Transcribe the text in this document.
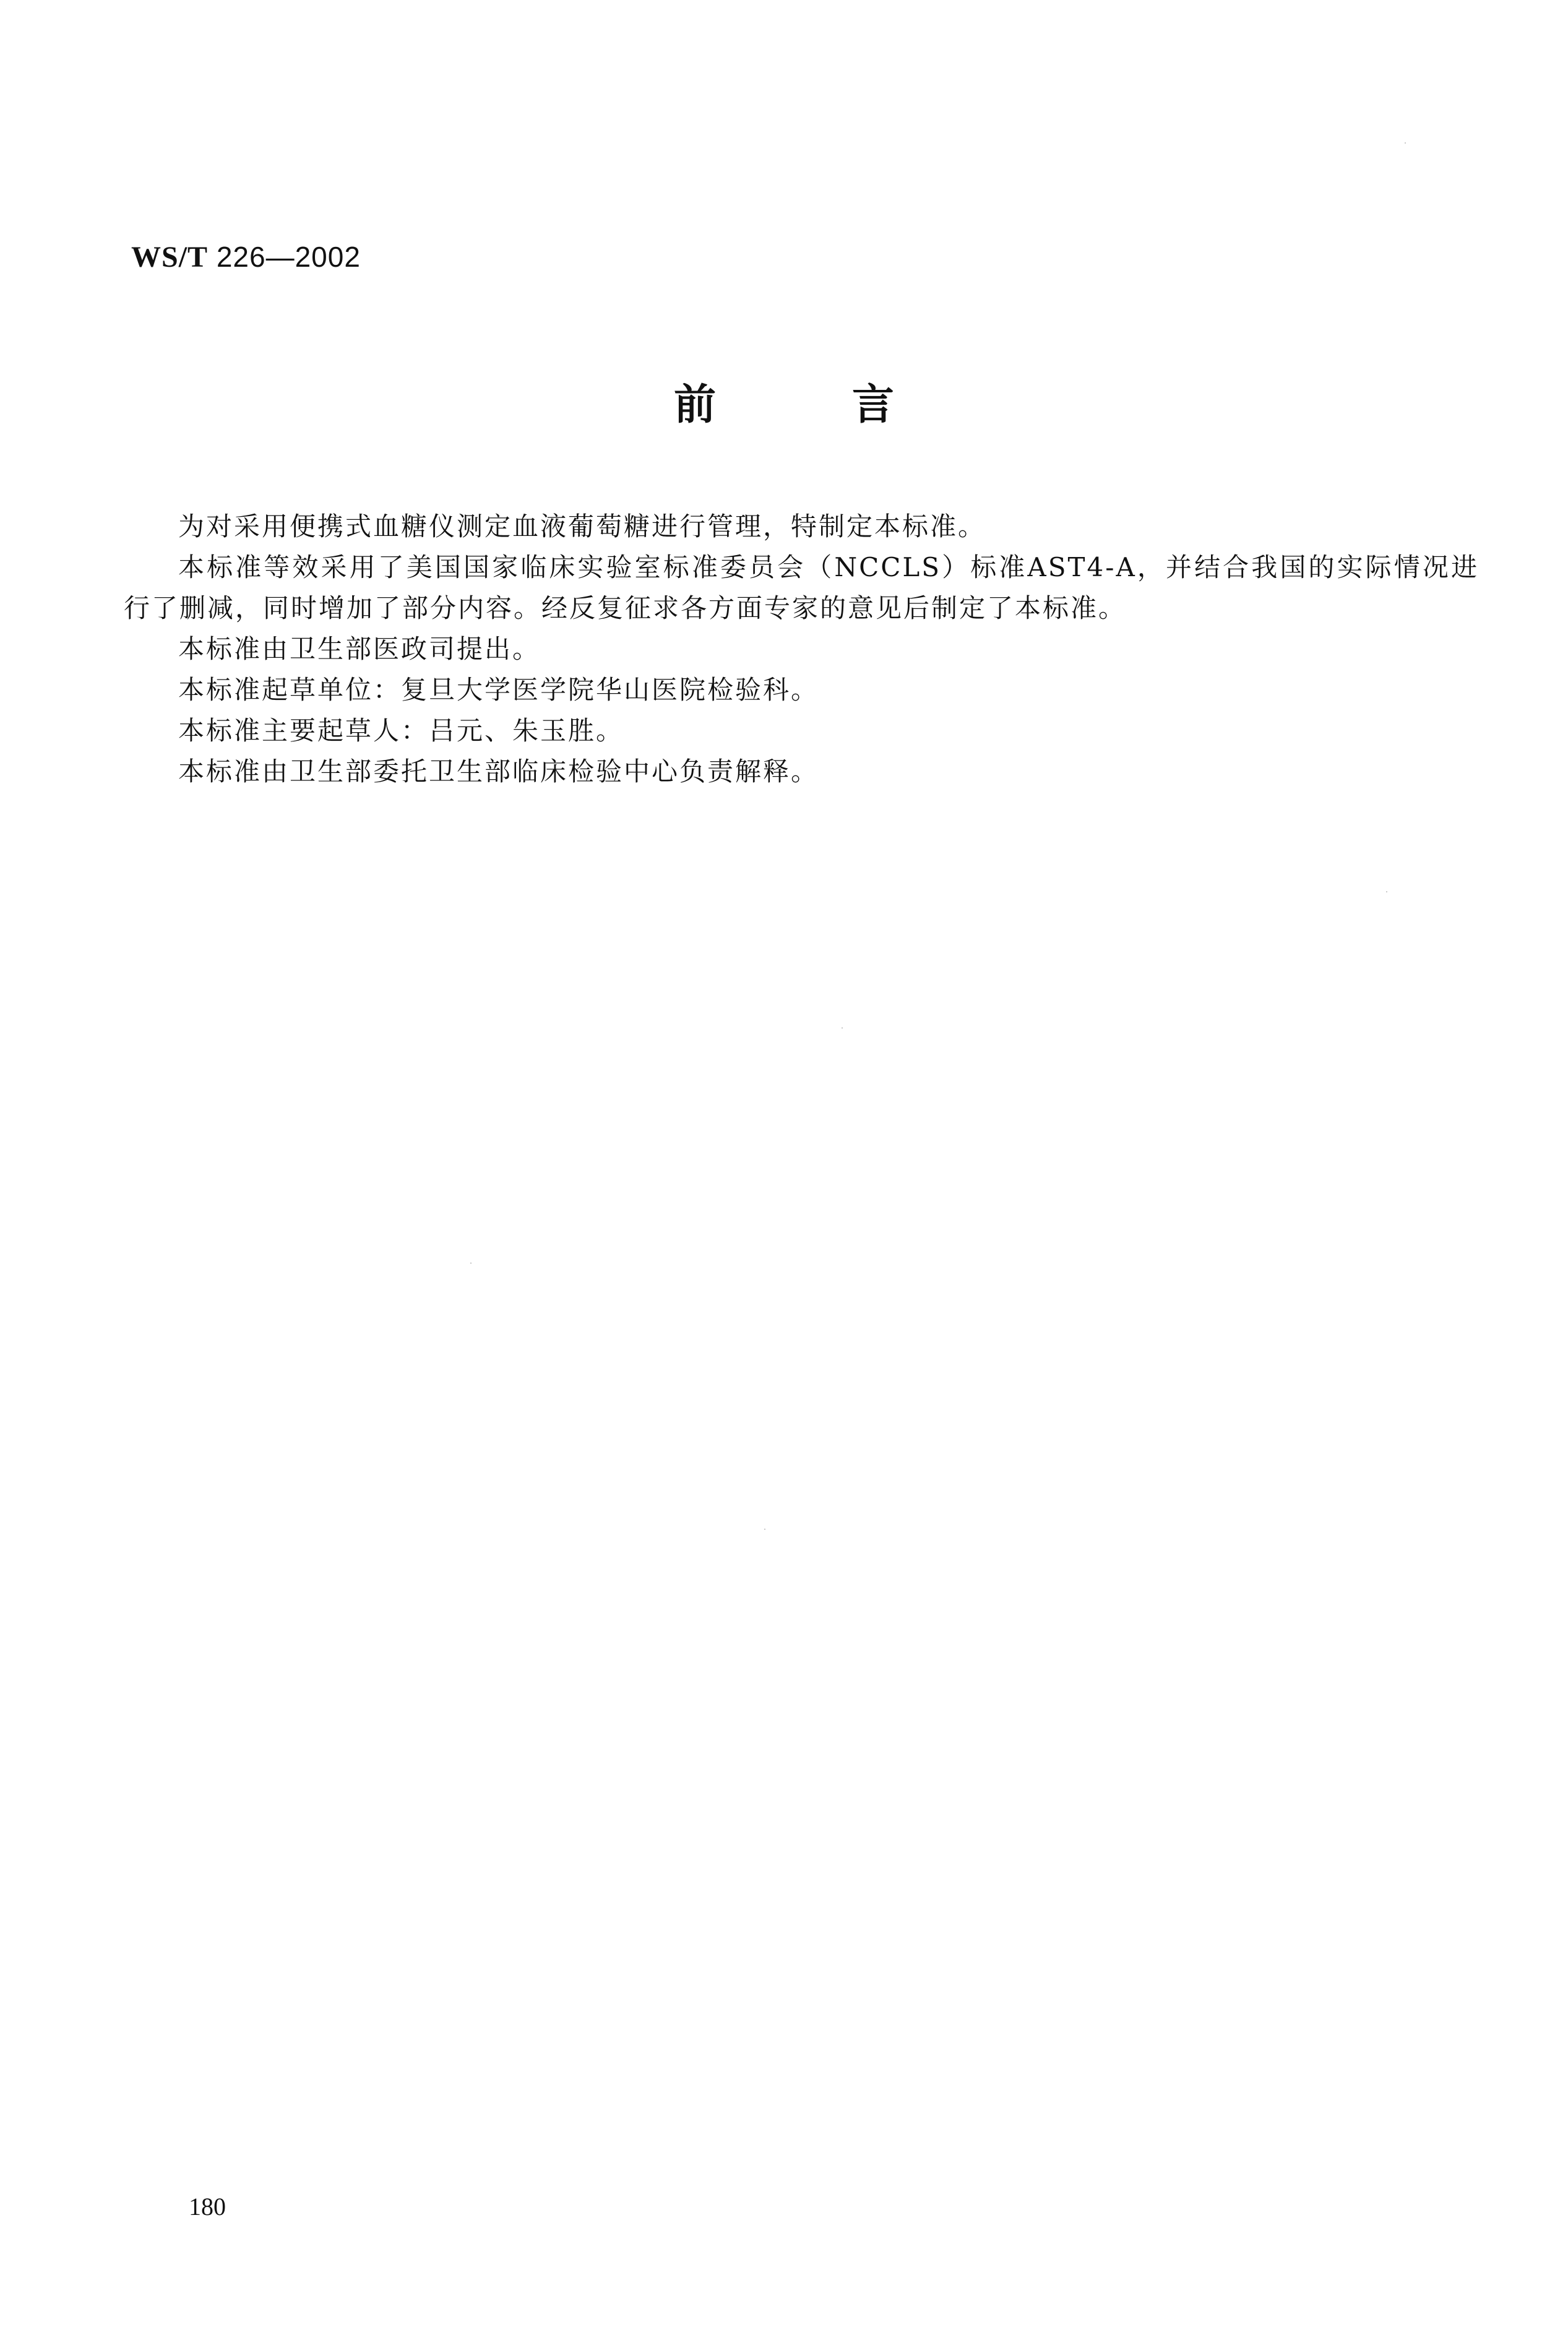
WS/T 226—2002
前言

为对采用便携式血糖仪测定血液葡萄糖进行管理，特制定本标准。

本标准等效采用了美国国家临床实验室标准委员会（NCCLS）标准AST4-A，并结合我国的实际情况进行了删减，同时增加了部分内容。经反复征求各方面专家的意见后制定了本标准。

本标准由卫生部医政司提出。

本标准起草单位：复旦大学医学院华山医院检验科。

本标准主要起草人：吕元、朱玉胜。

本标准由卫生部委托卫生部临床检验中心负责解释。

180
